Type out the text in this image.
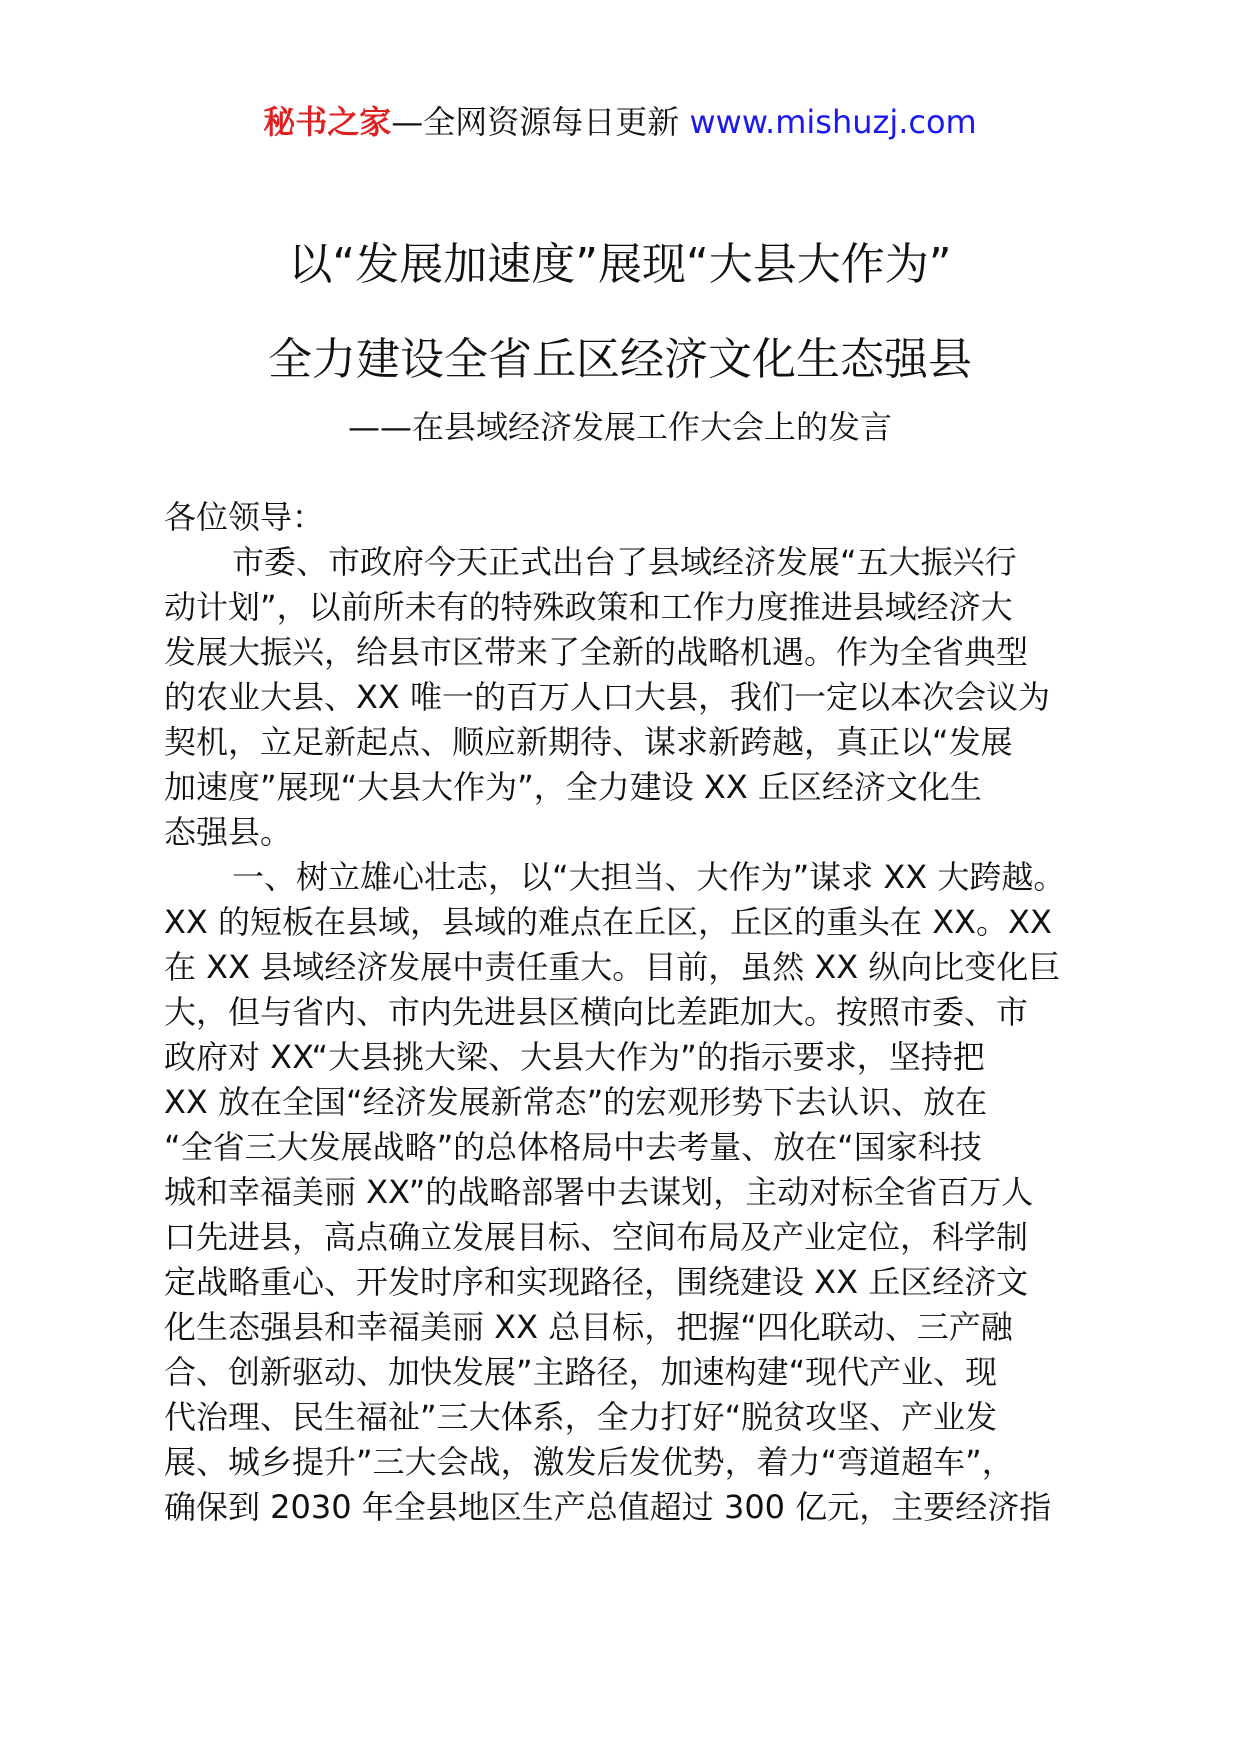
秘书之家—全网资源每日更新 www.mishuzj.com
以“发展加速度”展现“大县大作为”
全力建设全省丘区经济文化生态强县
——在县域经济发展工作大会上的发言
各位领导：
市委、市政府今天正式出台了县域经济发展“五大振兴行
动计划”，以前所未有的特殊政策和工作力度推进县域经济大
发展大振兴，给县市区带来了全新的战略机遇。作为全省典型
的农业大县、XX 唯一的百万人口大县，我们一定以本次会议为
契机，立足新起点、顺应新期待、谋求新跨越，真正以“发展
加速度”展现“大县大作为”，全力建设 XX 丘区经济文化生
态强县。
一、树立雄心壮志，以“大担当、大作为”谋求 XX 大跨越。
XX 的短板在县域，县域的难点在丘区，丘区的重头在 XX。XX
在 XX 县域经济发展中责任重大。目前，虽然 XX 纵向比变化巨
大，但与省内、市内先进县区横向比差距加大。按照市委、市
政府对 XX“大县挑大梁、大县大作为”的指示要求，坚持把
XX 放在全国“经济发展新常态”的宏观形势下去认识、放在
“全省三大发展战略”的总体格局中去考量、放在“国家科技
城和幸福美丽 XX”的战略部署中去谋划，主动对标全省百万人
口先进县，高点确立发展目标、空间布局及产业定位，科学制
定战略重心、开发时序和实现路径，围绕建设 XX 丘区经济文
化生态强县和幸福美丽 XX 总目标，把握“四化联动、三产融
合、创新驱动、加快发展”主路径，加速构建“现代产业、现
代治理、民生福祉”三大体系，全力打好“脱贫攻坚、产业发
展、城乡提升”三大会战，激发后发优势，着力“弯道超车”，
确保到 2030 年全县地区生产总值超过 300 亿元，主要经济指
